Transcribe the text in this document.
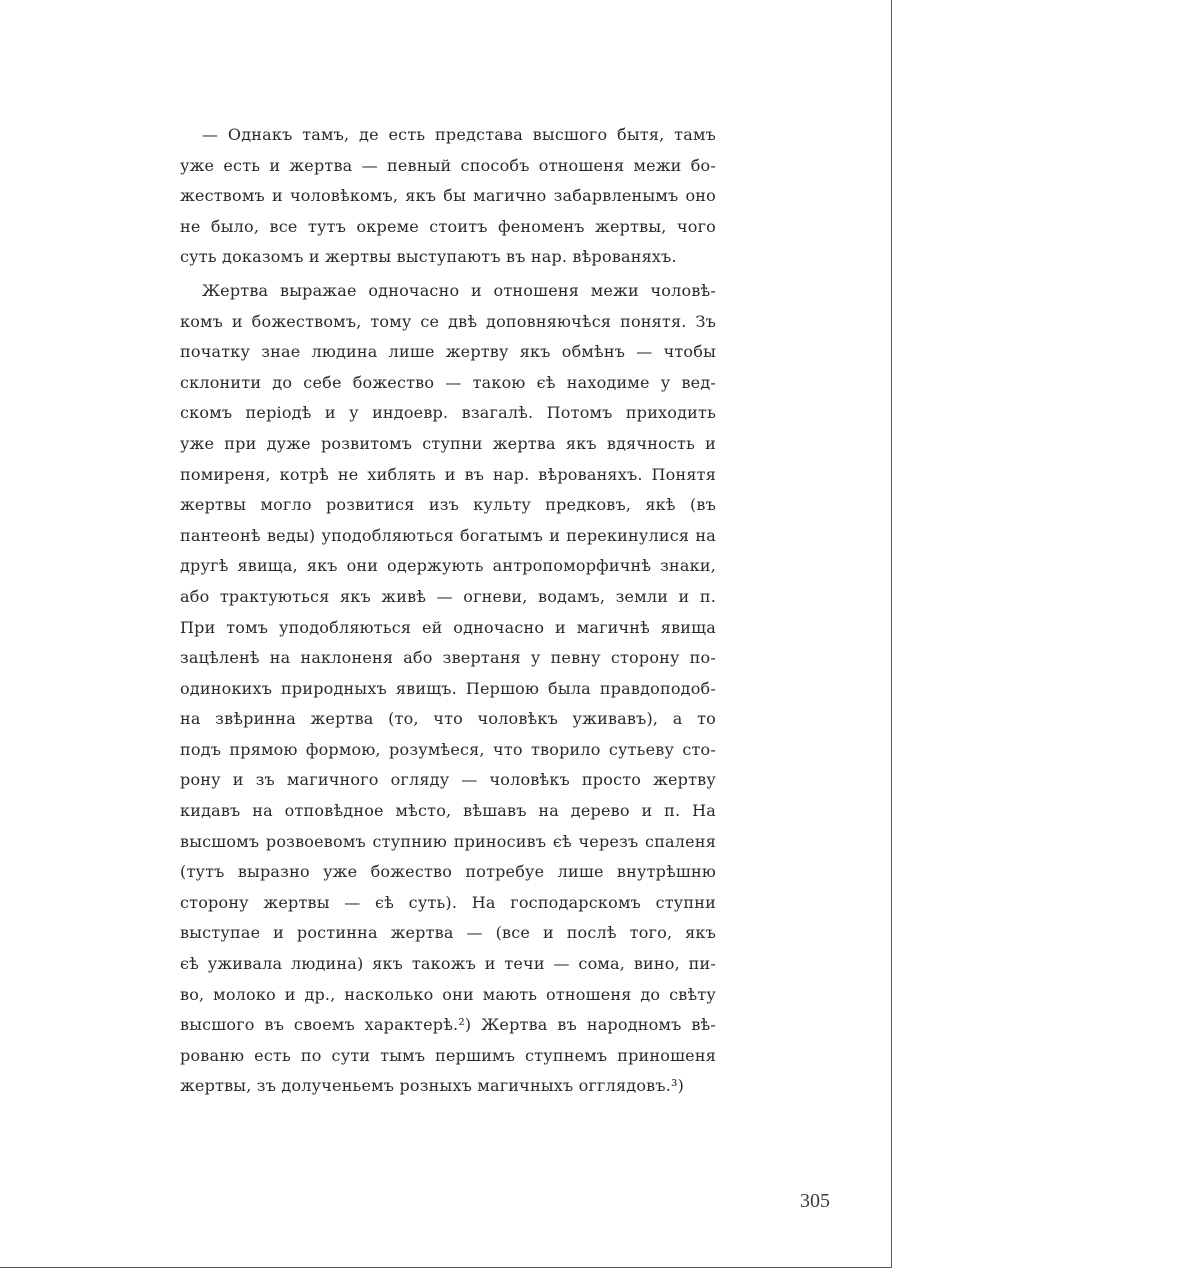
— Однакъ тамъ, де есть представа высшого бытя, тамъ
уже есть и жертва — певный способъ отношеня межи бо-
жествомъ и чоловѣкомъ, якъ бы магично забарвленымъ оно
не было, все тутъ окреме стоитъ феноменъ жертвы, чого
суть доказомъ и жертвы выступаютъ въ нар. вѣрованяхъ.
Жертва выражае одночасно и отношеня межи чоловѣ-
комъ и божествомъ, тому се двѣ доповняючѣся понятя. Зъ
початку знае людина лише жертву якъ обмѣнъ — чтобы
склонити до себе божество — такою єѣ находиме у вед-
скомъ періодѣ и у индоевр. взагалѣ. Потомъ приходить
уже при дуже розвитомъ ступни жертва якъ вдячность и
помиреня, котрѣ не хиблять и въ нар. вѣрованяхъ. Понятя
жертвы могло розвитися изъ культу предковъ, якѣ (въ
пантеонѣ веды) уподобляються богатымъ и перекинулися на
другѣ явища, якъ они одержують антропоморфичнѣ знаки,
або трактуються якъ живѣ — огневи, водамъ, земли и п.
При томъ уподобляються ей одночасно и магичнѣ явища
зацѣленѣ на наклоненя або звертаня у певну сторону по-
одинокихъ природныхъ явищъ. Першою была правдоподоб-
на звѣринна жертва (то, что чоловѣкъ уживавъ), а то
подъ прямою формою, розумѣеся, что творило сутьеву сто-
рону и зъ магичного огляду — чоловѣкъ просто жертву
кидавъ на отповѣдное мѣсто, вѣшавъ на дерево и п. На
высшомъ розвоевомъ ступнию приносивъ єѣ черезъ спаленя
(тутъ выразно уже божество потребуе лише внутрѣшню
сторону жертвы — єѣ суть). На господарскомъ ступни
выступае и ростинна жертва — (все и послѣ того, якъ
єѣ уживала людина) якъ такожъ и течи — сома, вино, пи-
во, молоко и др., насколько они мають отношеня до свѣту
высшого въ своемъ характерѣ.²) Жертва въ народномъ вѣ-
рованю есть по сути тымъ першимъ ступнемъ приношеня
жертвы, зъ долученьемъ розныхъ магичныхъ огглядовъ.³)
305
